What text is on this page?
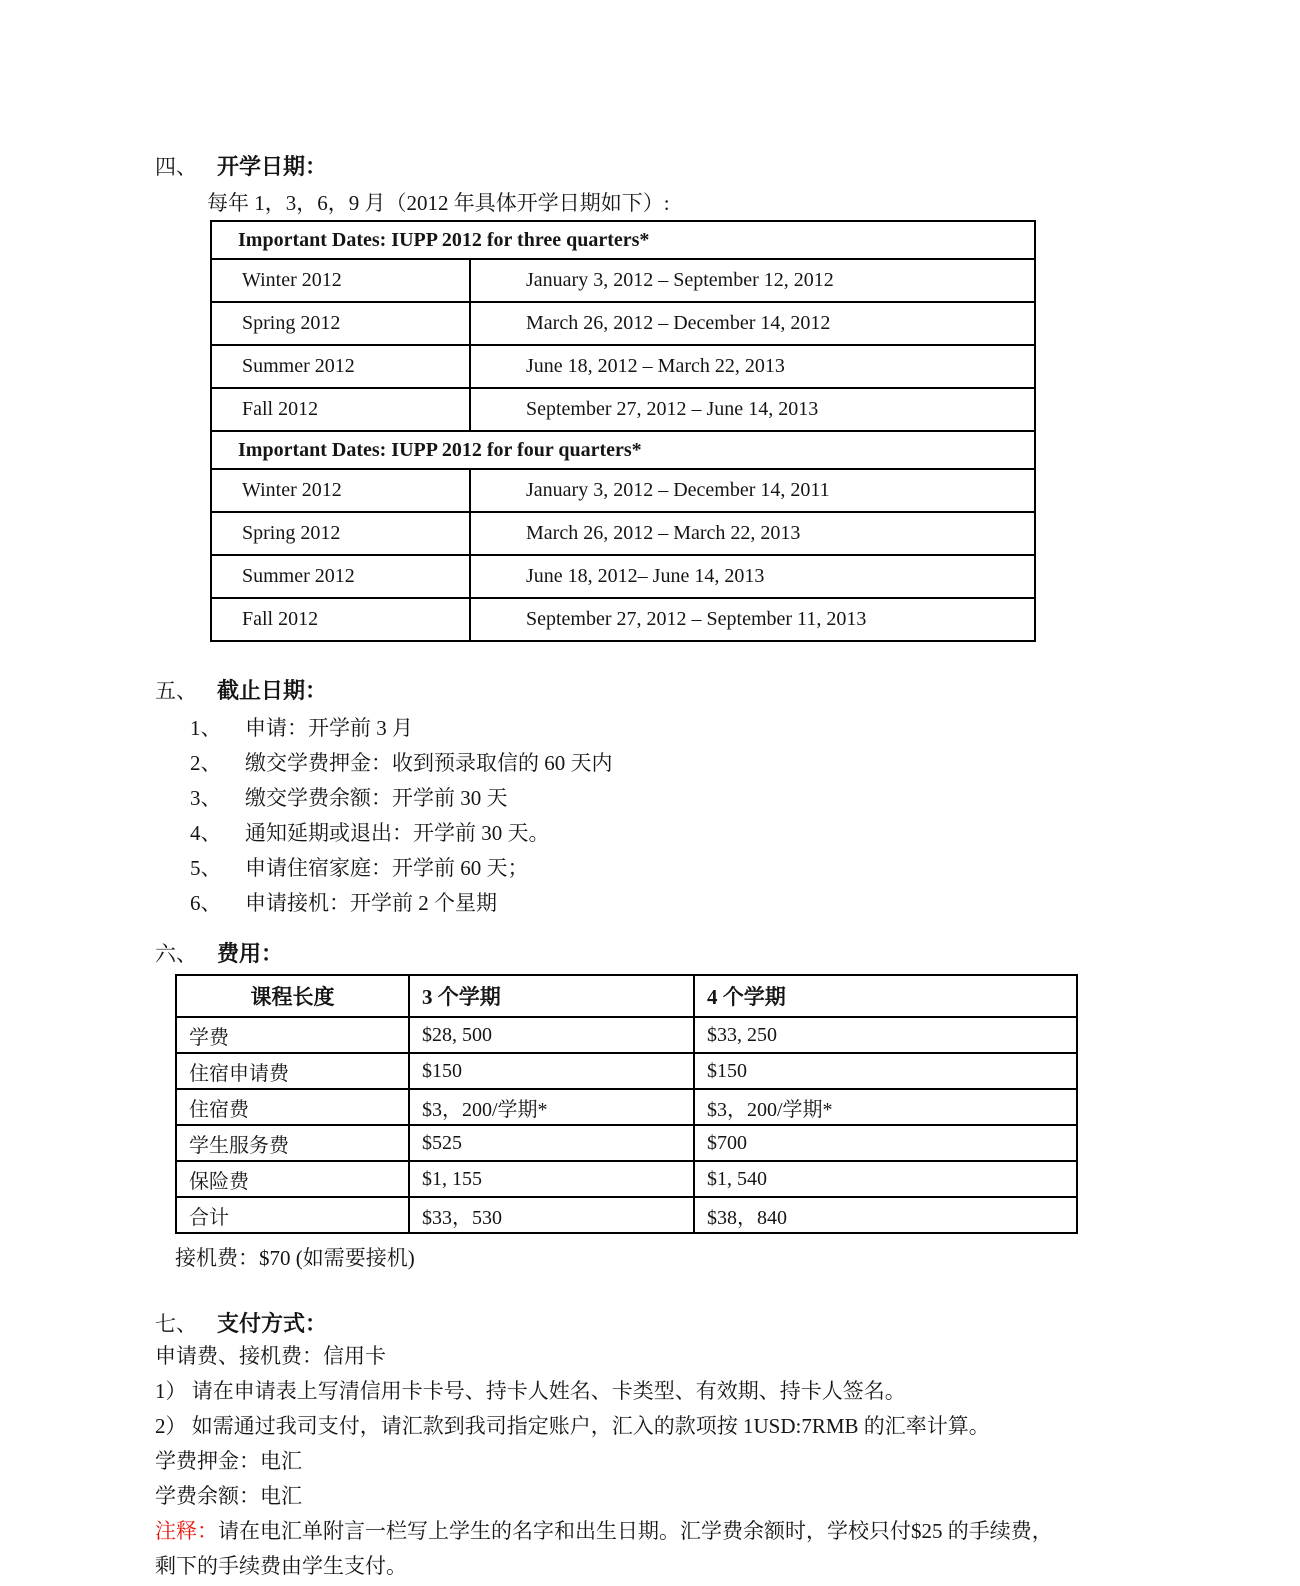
四、 开学日期：
每年 1，3，6，9 月（2012 年具体开学日期如下）:
Important Dates: IUPP 2012 for three quarters*	
Winter 2012	January 3, 2012 – September 12, 2012
Spring 2012	March 26, 2012 – December 14, 2012
Summer 2012	June 18, 2012 – March 22, 2013
Fall 2012	September 27, 2012 – June 14, 2013
Important Dates: IUPP 2012 for four quarters*	
Winter 2012	January 3, 2012 – December 14, 2011
Spring 2012	March 26, 2012 – March 22, 2013
Summer 2012	June 18, 2012– June 14, 2013
Fall 2012	September 27, 2012 – September 11, 2013
五、 截止日期：
1、	申请：开学前 3 月
2、	缴交学费押金：收到预录取信的 60 天内
3、	缴交学费余额：开学前 30 天
4、	通知延期或退出：开学前 30 天。
5、	申请住宿家庭：开学前 60 天；
6、	申请接机：开学前 2 个星期
六、 费用：
课程长度	3 个学期	4 个学期
学费	$28, 500	$33, 250
住宿申请费	$150	$150
住宿费	$3，200/学期*	$3，200/学期*
学生服务费	$525	$700
保险费	$1, 155	$1, 540
合计	$33，530	$38，840
接机费：$70 (如需要接机)
七、 支付方式：
申请费、接机费：信用卡
1） 请在申请表上写清信用卡卡号、持卡人姓名、卡类型、有效期、持卡人签名。
2） 如需通过我司支付，请汇款到我司指定账户，汇入的款项按 1USD:7RMB 的汇率计算。
学费押金：电汇
学费余额：电汇

注释：请在电汇单附言一栏写上学生的名字和出生日期。汇学费余额时，学校只付$25 的手续费，
剩下的手续费由学生支付。
